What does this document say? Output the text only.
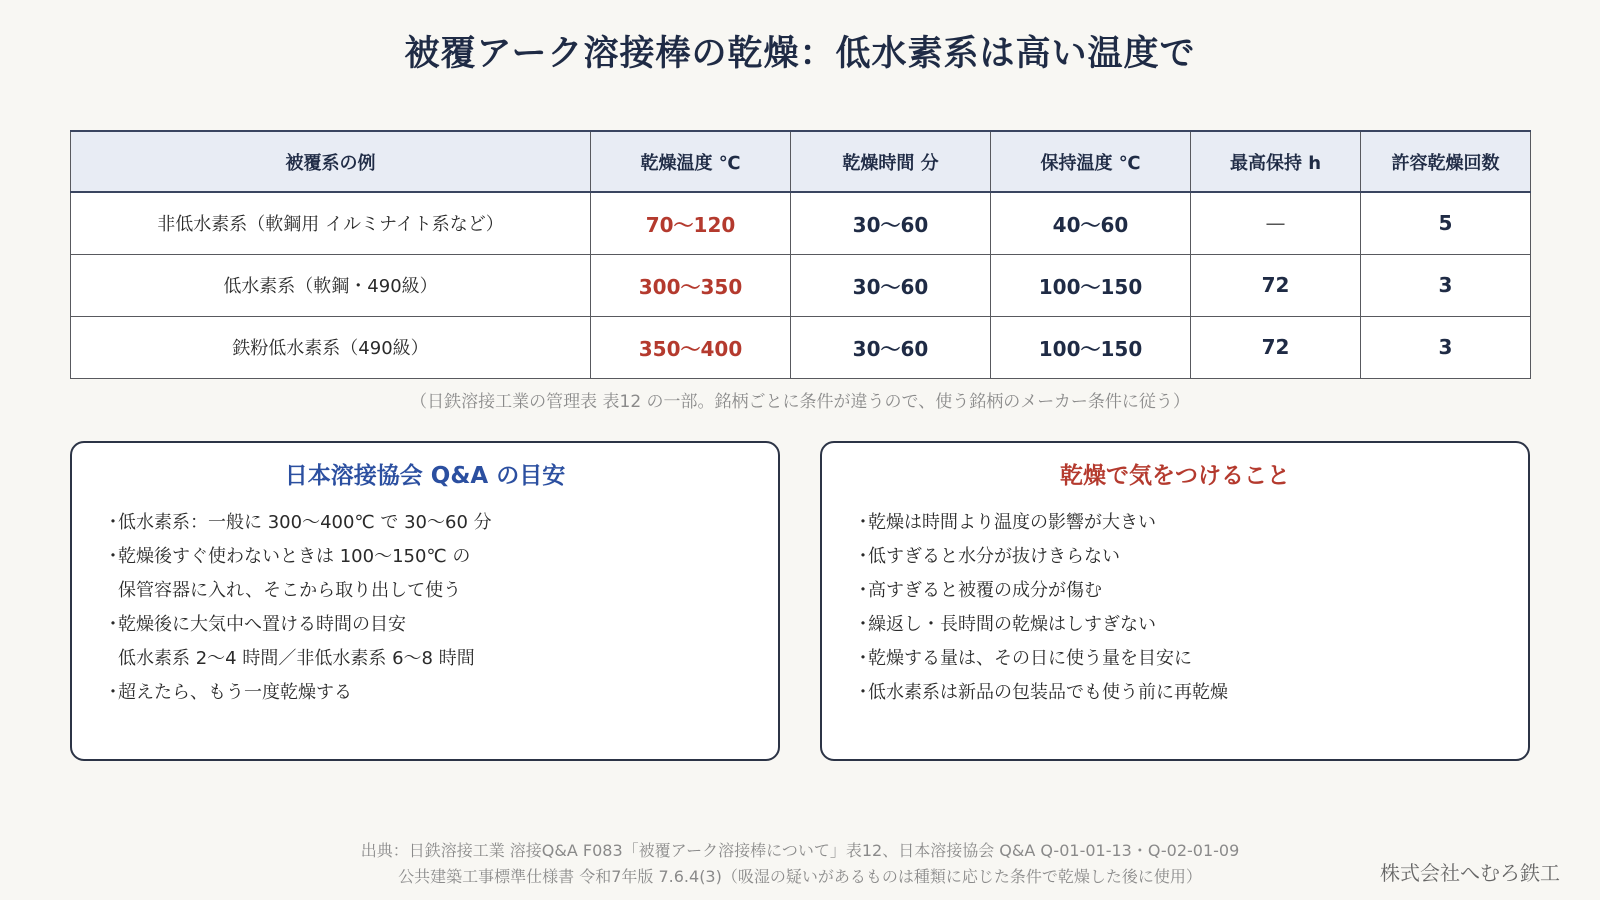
被覆アーク溶接棒の乾燥：低水素系は高い温度で
被覆系の例	乾燥温度 ℃	乾燥時間 分	保持温度 ℃	最高保持 h	許容乾燥回数
非低水素系（軟鋼用 イルミナイト系など）	70〜120	30〜60	40〜60	—	5
低水素系（軟鋼・490級）	300〜350	30〜60	100〜150	72	3
鉄粉低水素系（490級）	350〜400	30〜60	100〜150	72	3
（日鉄溶接工業の管理表 表12 の一部。銘柄ごとに条件が違うので、使う銘柄のメーカー条件に従う）
日本溶接協会 Q&A の目安
・低水素系：一般に 300〜400℃ で 30〜60 分
・乾燥後すぐ使わないときは 100〜150℃ の
保管容器に入れ、そこから取り出して使う
・乾燥後に大気中へ置ける時間の目安
低水素系 2〜4 時間／非低水素系 6〜8 時間
・超えたら、もう一度乾燥する
乾燥で気をつけること
・乾燥は時間より温度の影響が大きい
・低すぎると水分が抜けきらない
・高すぎると被覆の成分が傷む
・繰返し・長時間の乾燥はしすぎない
・乾燥する量は、その日に使う量を目安に
・低水素系は新品の包装品でも使う前に再乾燥
出典：日鉄溶接工業 溶接Q&A F083「被覆アーク溶接棒について」表12、日本溶接協会 Q&A Q-01-01-13・Q-02-01-09
公共建築工事標準仕様書 令和7年版 7.6.4(3)（吸湿の疑いがあるものは種類に応じた条件で乾燥した後に使用）	株式会社へむろ鉄工
